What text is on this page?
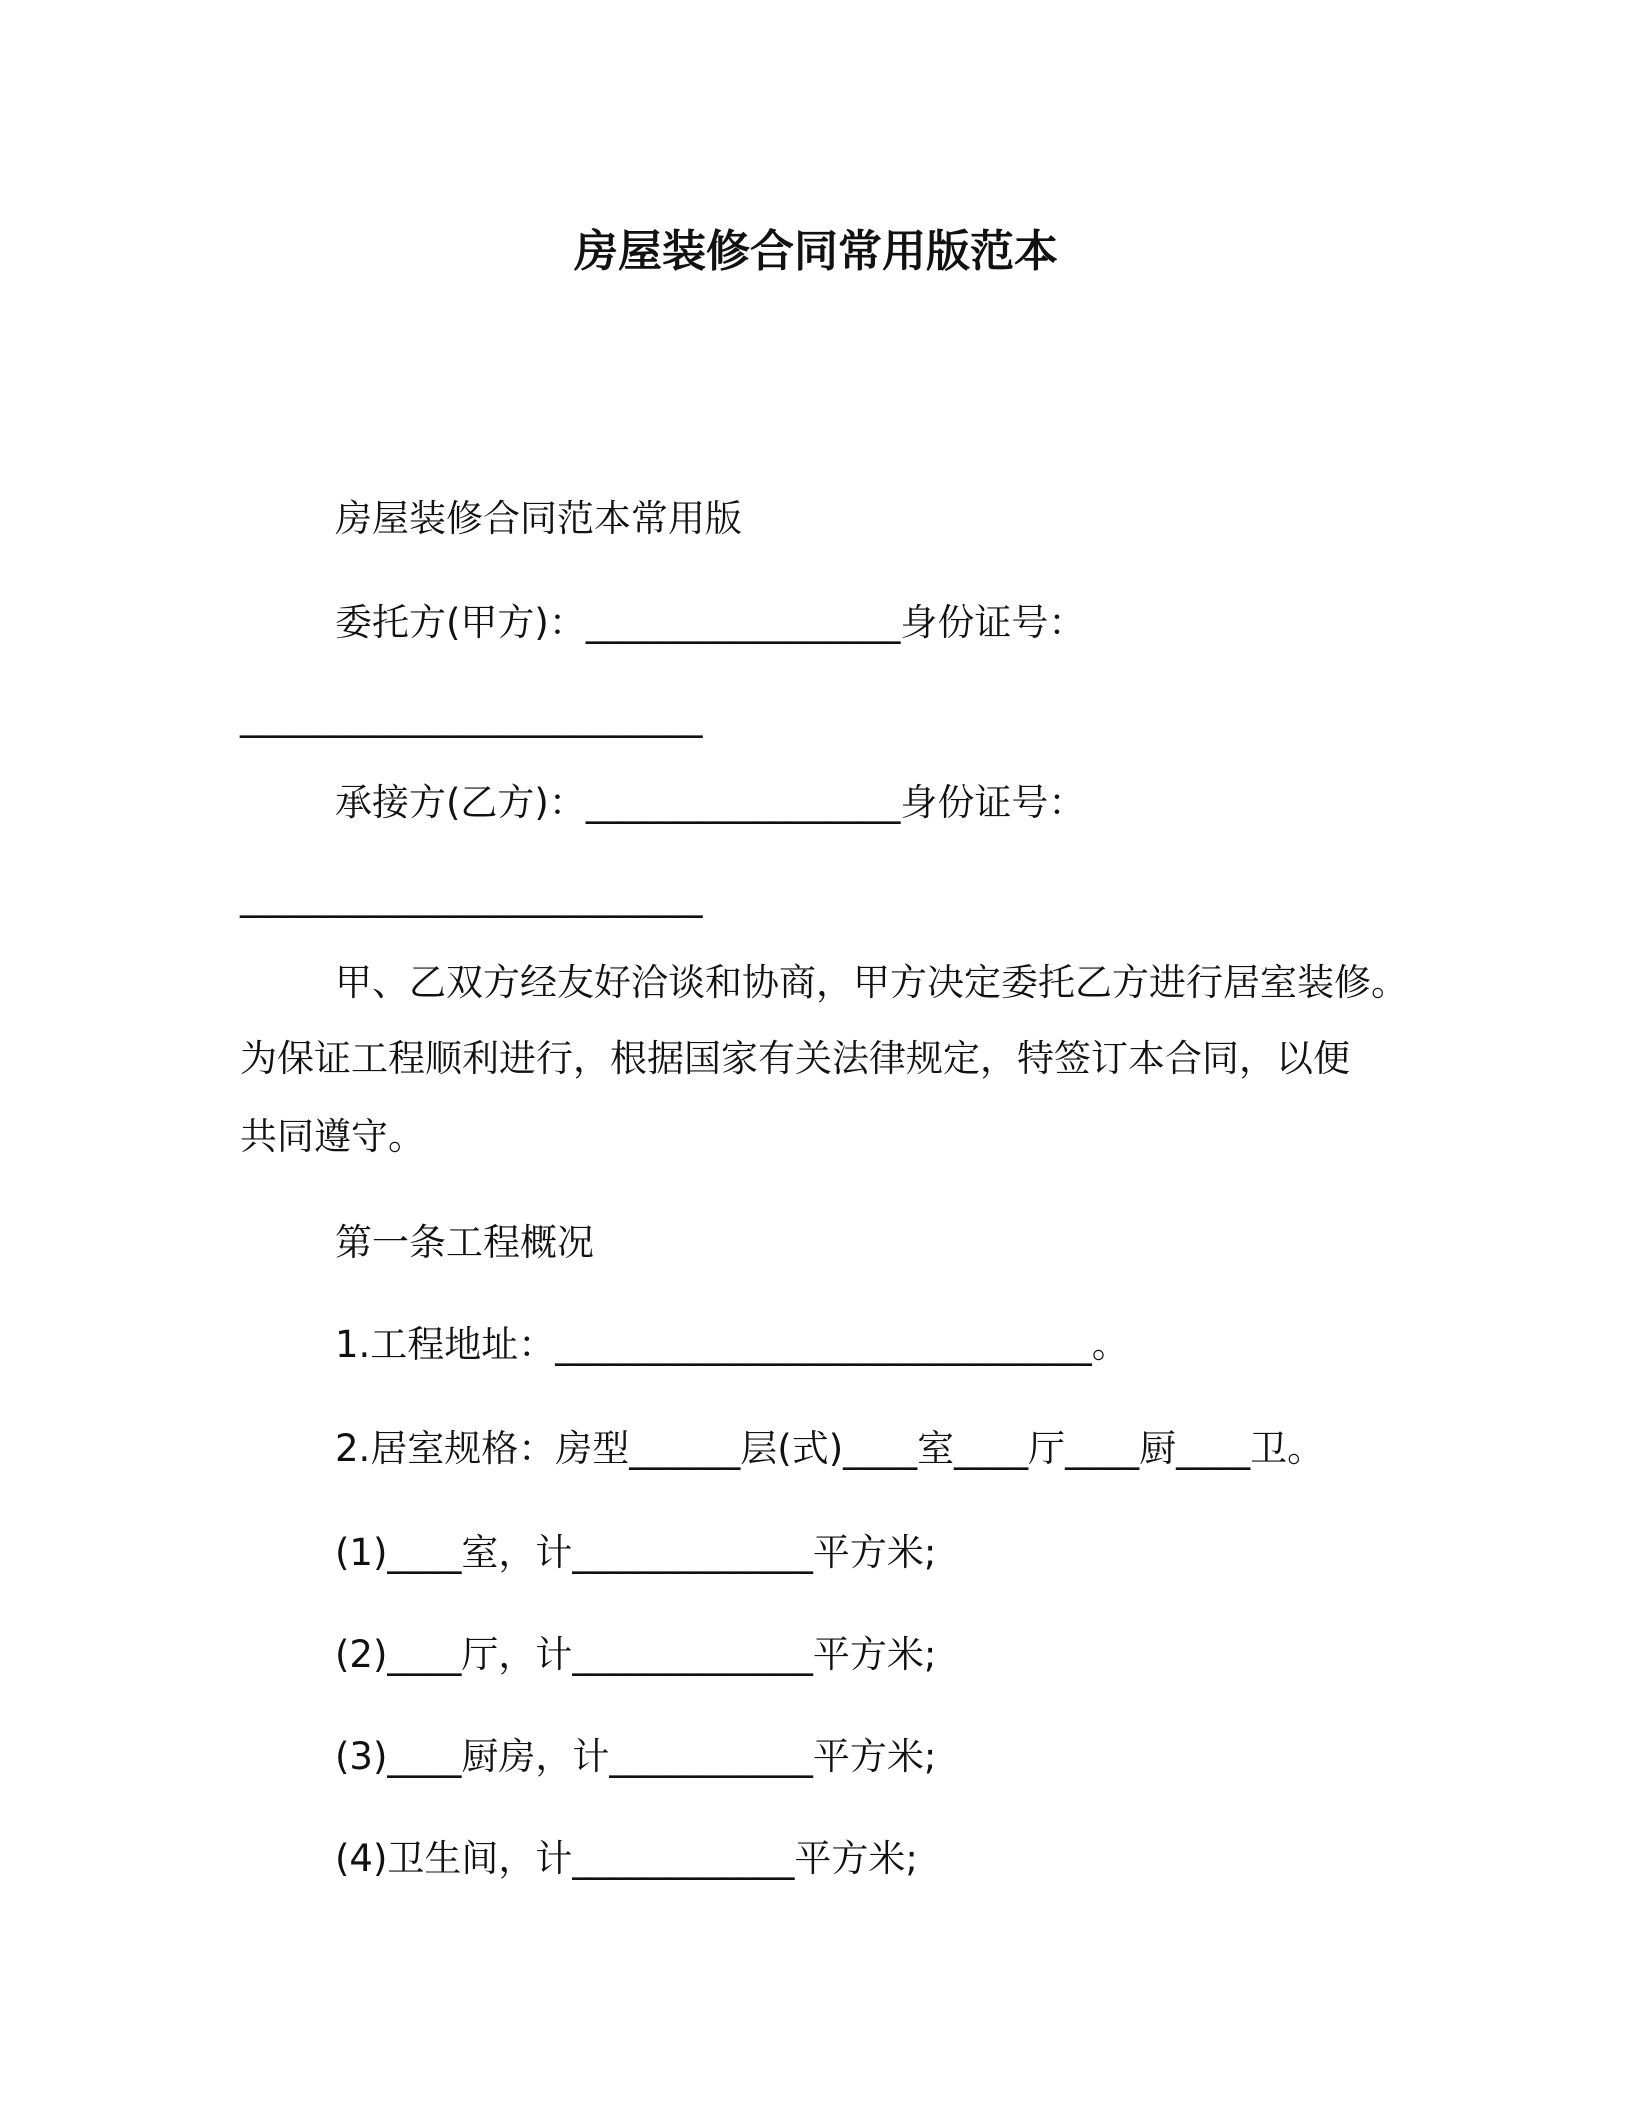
房屋装修合同常用版范本

房屋装修合同范本常用版

委托方(甲方)：_________________身份证号：

_________________________

承接方(乙方)：_________________身份证号：

_________________________

甲、乙双方经友好洽谈和协商，甲方决定委托乙方进行居室装修。

为保证工程顺利进行，根据国家有关法律规定，特签订本合同，以便

共同遵守。

第一条工程概况

1.工程地址：_____________________________。

2.居室规格：房型______层(式)____室____厅____厨____卫。

(1)____室，计_____________平方米;

(2)____厅，计_____________平方米;

(3)____厨房，计___________平方米;

(4)卫生间，计____________平方米;
